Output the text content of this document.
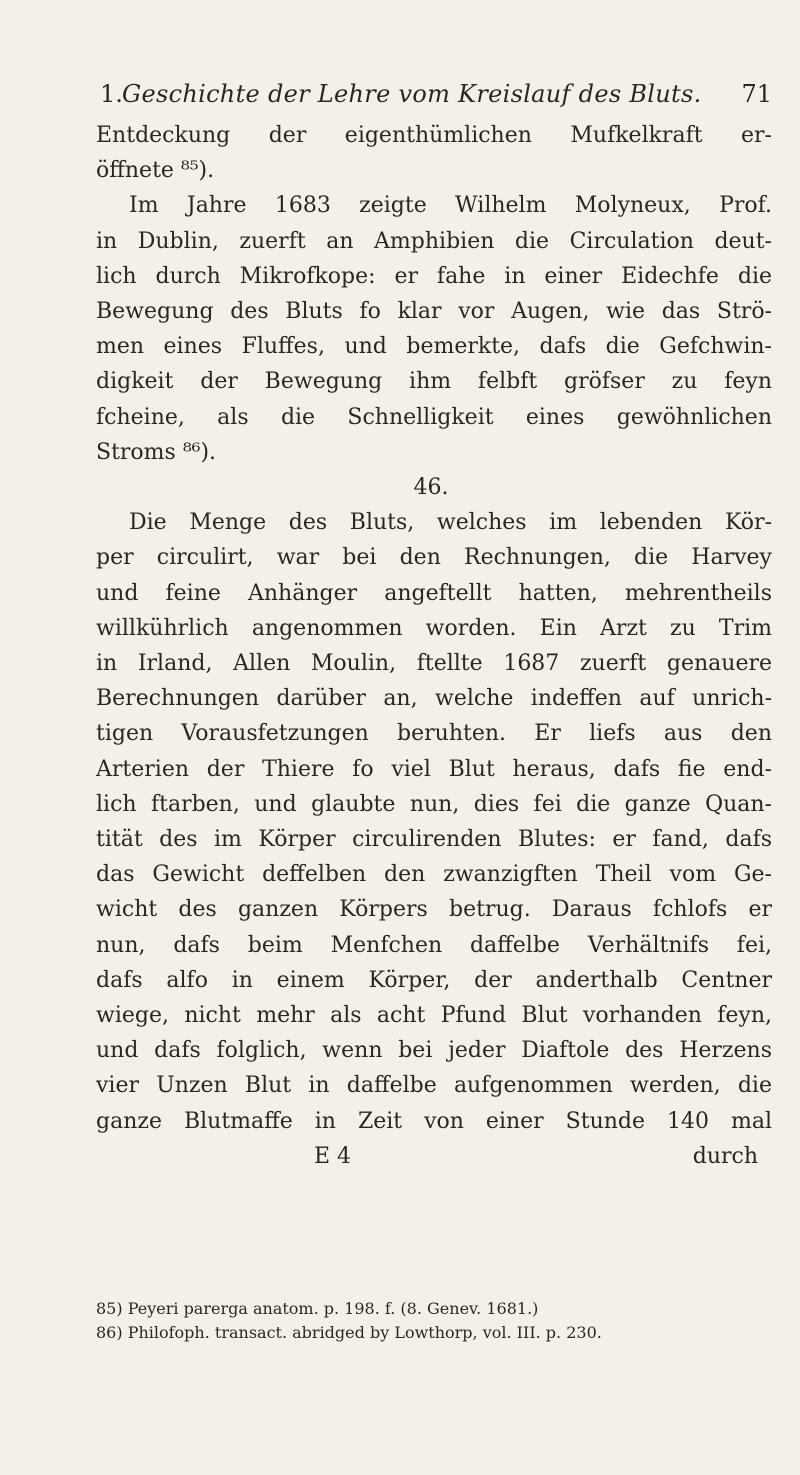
1. Geschichte der Lehre vom Kreislauf des Bluts. 71
Entdeckung der eigenthümlichen Mufkelkraft er-
öffnete ⁸⁵).
Im Jahre 1683 zeigte Wilhelm Molyneux, Prof.
in Dublin, zuerft an Amphibien die Circulation deut-
lich durch Mikrofkope: er fahe in einer Eidechfe die
Bewegung des Bluts fo klar vor Augen, wie das Strö-
men eines Fluffes, und bemerkte, dafs die Gefchwin-
digkeit der Bewegung ihm felbft gröfser zu feyn
fcheine, als die Schnelligkeit eines gewöhnlichen
Stroms ⁸⁶).
46.
Die Menge des Bluts, welches im lebenden Kör-
per circulirt, war bei den Rechnungen, die Harvey
und feine Anhänger angeftellt hatten, mehrentheils
willkührlich angenommen worden. Ein Arzt zu Trim
in Irland, Allen Moulin, ftellte 1687 zuerft genauere
Berechnungen darüber an, welche indeffen auf unrich-
tigen Vorausfetzungen beruhten. Er liefs aus den
Arterien der Thiere fo viel Blut heraus, dafs fie end-
lich ftarben, und glaubte nun, dies fei die ganze Quan-
tität des im Körper circulirenden Blutes: er fand, dafs
das Gewicht deffelben den zwanzigften Theil vom Ge-
wicht des ganzen Körpers betrug. Daraus fchlofs er
nun, dafs beim Menfchen daffelbe Verhältnifs fei,
dafs alfo in einem Körper, der anderthalb Centner
wiege, nicht mehr als acht Pfund Blut vorhanden feyn,
und dafs folglich, wenn bei jeder Diaftole des Herzens
vier Unzen Blut in daffelbe aufgenommen werden, die
ganze Blutmaffe in Zeit von einer Stunde 140 mal
E 4	durch
85) Peyeri parerga anatom. p. 198. f. (8. Genev. 1681.)
86) Philofoph. transact. abridged by Lowthorp, vol. III. p. 230.
